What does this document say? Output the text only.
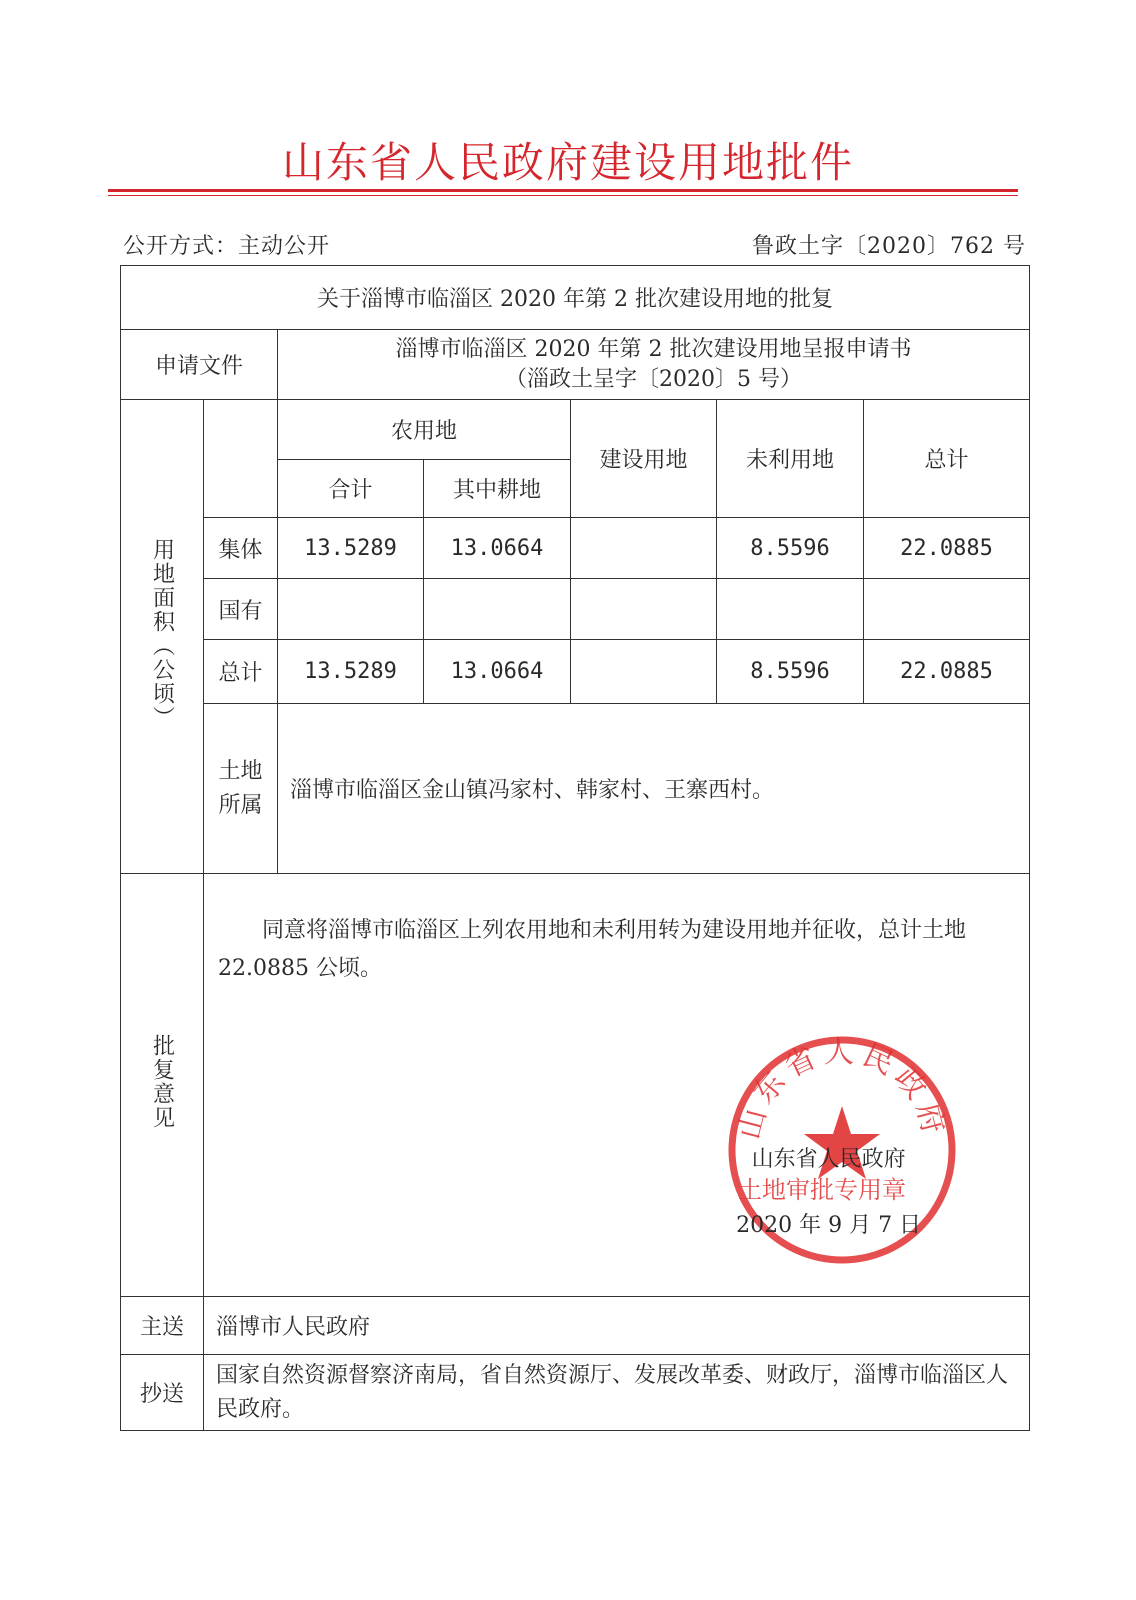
山东省人民政府建设用地批件
公开方式：主动公开	鲁政土字〔2020〕762 号
关于淄博市临淄区 2020 年第 2 批次建设用地的批复						
申请文件		淄博市临淄区 2020 年第 2 批次建设用地呈报申请书
（淄政土呈字〔2020〕5 号）				

用地面积（公顷）		农用地		建设用地	未利用地	总计
		合计	其中耕地			
	集体	13.5289	13.0664		8.5596	22.0885
	国有					
	总计	13.5289	13.0664		8.5596	22.0885

	土地
所属	淄博市临淄区金山镇冯家村、韩家村、王寨西村。				
批复意见	同意将淄博市临淄区上列农用地和未利用转为建设用地并征收，总计土地 22.0885 公顷。
山东省人民政府
土地审批专用章
山东省人民政府
2020 年 9 月 7 日					

主送	淄博市人民政府					
抄送	国家自然资源督察济南局，省自然资源厅、发展改革委、财政厅，淄博市临淄区人民政府。					
